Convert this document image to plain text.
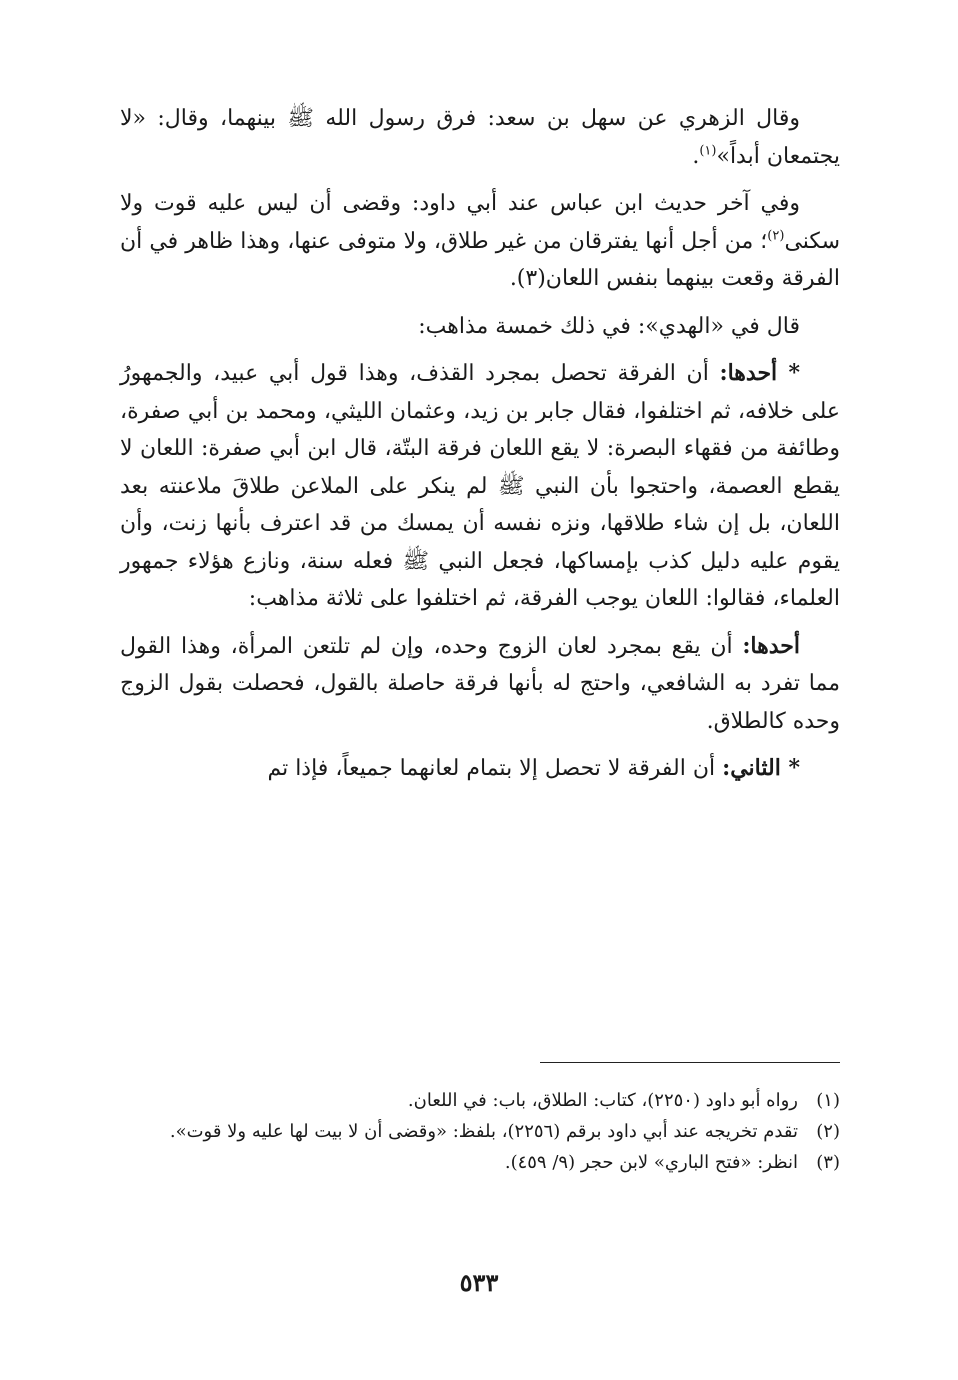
وقال الزهري عن سهل بن سعد: فرق رسول الله ﷺ بينهما، وقال: «لا يجتمعان أبداً»$^{(١)}$.

وفي آخر حديث ابن عباس عند أبي داود: وقضى أن ليس عليه قوت ولا سكنى$^{(٢)}$؛ من أجل أنها يفترقان من غير طلاق، ولا متوفى عنها، وهذا ظاهر في أن الفرقة وقعت بينهما بنفس اللعان(٣).

قال في «الهدي»: في ذلك خمسة مذاهب:

* أحدها: أن الفرقة تحصل بمجرد القذف، وهذا قول أبي عبيد، والجمهورُ على خلافه، ثم اختلفوا، فقال جابر بن زيد، وعثمان الليثي، ومحمد بن أبي صفرة، وطائفة من فقهاء البصرة: لا يقع اللعان فرقة البتّة، قال ابن أبي صفرة: اللعان لا يقطع العصمة، واحتجوا بأن النبي ﷺ لم ينكر على الملاعن طلاقَ ملاعنته بعد اللعان، بل إن شاء طلاقها، ونزه نفسه أن يمسك من قد اعترف بأنها زنت، وأن يقوم عليه دليل كذب بإمساكها، فجعل النبي ﷺ فعله سنة، ونازع هؤلاء جمهور العلماء، فقالوا: اللعان يوجب الفرقة، ثم اختلفوا على ثلاثة مذاهب:

أحدها: أن يقع بمجرد لعان الزوج وحده، وإن لم تلتعن المرأة، وهذا القول مما تفرد به الشافعي، واحتج له بأنها فرقة حاصلة بالقول، فحصلت بقول الزوج وحده كالطلاق.

* الثاني: أن الفرقة لا تحصل إلا بتمام لعانهما جميعاً، فإذا تم

(١)
رواه أبو داود (٢٢٥٠)، كتاب: الطلاق، باب: في اللعان.
(٢)
تقدم تخريجه عند أبي داود برقم (٢٢٥٦)، بلفظ: «وقضى أن لا بيت لها عليه ولا قوت».
(٣)
انظر: «فتح الباري» لابن حجر (٩/ ٤٥٩).
٥٣٣
